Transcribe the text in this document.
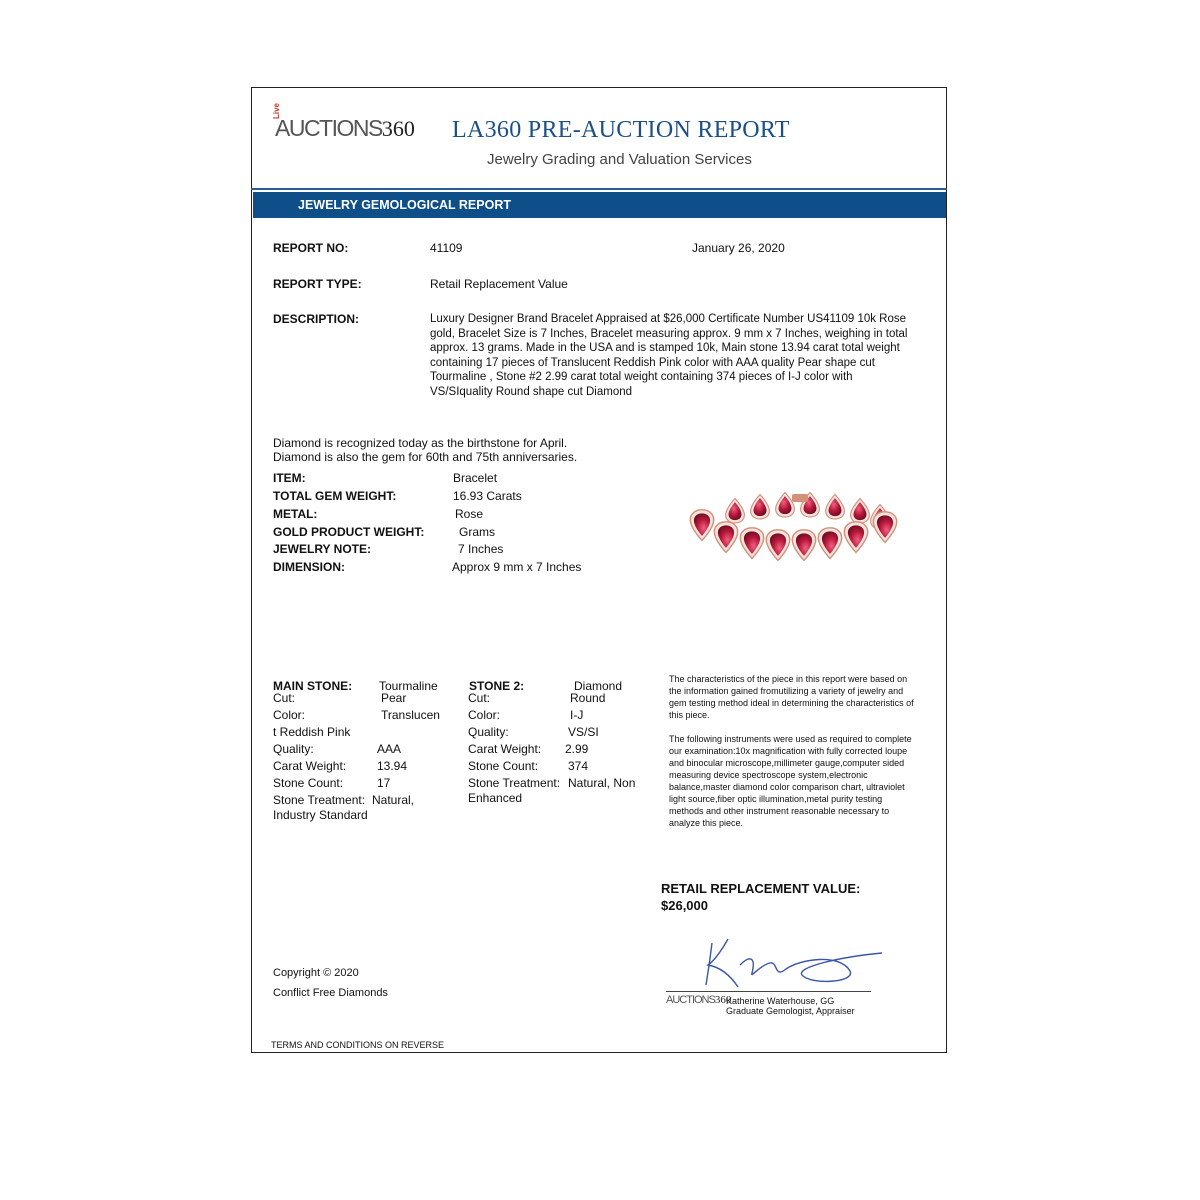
Live
AUCTIONS360 LA360 PRE-AUCTION REPORT
Jewelry Grading and Valuation Services
JEWELRY GEMOLOGICAL REPORT
REPORT NO:	41109	January 26, 2020
REPORT TYPE:	Retail Replacement Value
DESCRIPTION:	Luxury Designer Brand Bracelet Appraised at $26,000 Certificate Number US41109 10k Rose gold, Bracelet Size is 7 Inches, Bracelet measuring approx. 9 mm x 7 Inches, weighing in total approx. 13 grams. Made in the USA and is stamped 10k, Main stone 13.94 carat total weight containing 17 pieces of Translucent Reddish Pink color with AAA quality Pear shape cut Tourmaline , Stone #2 2.99 carat total weight containing 374 pieces of I-J color with VS/SIquality Round shape cut Diamond
Diamond is recognized today as the birthstone for April.
Diamond is also the gem for 60th and 75th anniversaries.
ITEM:	Bracelet
TOTAL GEM WEIGHT:	16.93 Carats
METAL:	Rose
GOLD PRODUCT WEIGHT:	Grams
JEWELRY NOTE:	7 Inches
DIMENSION:	Approx 9 mm x 7 Inches
MAIN STONE: Tourmaline
Cut:	Pear
Color:	Translucen
t Reddish Pink
Quality:	AAA
Carat Weight:	13.94
Stone Count:	17
Stone Treatment: Natural,
Industry Standard
STONE 2:	Diamond
Cut:	Round
Color:	I-J
Quality:	VS/SI
Carat Weight: 2.99
Stone Count: 374
Stone Treatment: Natural, Non
Enhanced
The characteristics of the piece in this report were based on the information gained fromutilizing a variety of jewelry and gem testing method ideal in determining the characteristics of this piece.
The following instruments were used as required to complete our examination:10x magnification with fully corrected loupe and binocular microscope,millimeter gauge,computer sided measuring device spectroscope system,electronic balance,master diamond color comparison chart, ultraviolet light source,fiber optic illumination,metal purity testing methods and other instrument reasonable necessary to analyze this piece.
RETAIL REPLACEMENT VALUE:
$26,000
AUCTIONS360
Katherine Waterhouse, GG
Graduate Gemologist, Appraiser
Copyright © 2020
Conflict Free Diamonds
TERMS AND CONDITIONS ON REVERSE
